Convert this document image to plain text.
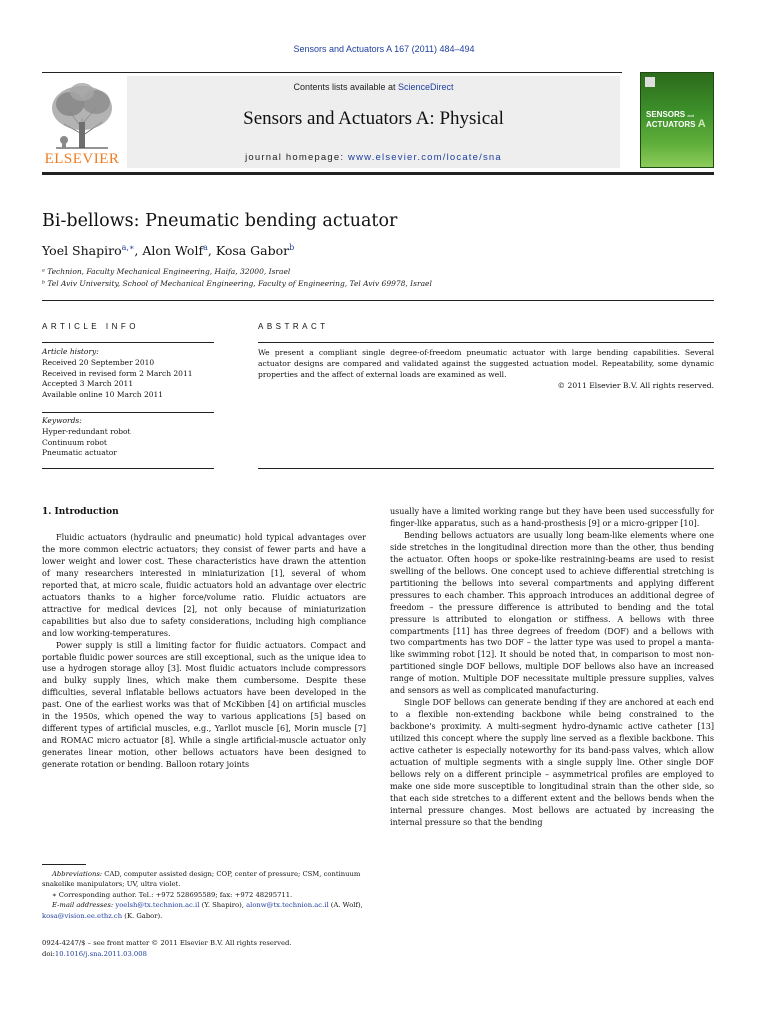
Sensors and Actuators A 167 (2011) 484–494
ELSEVIER
Contents lists available at ScienceDirect
Sensors and Actuators A: Physical
journal homepage: www.elsevier.com/locate/sna
SENSORS and
ACTUATORS A
Bi-bellows: Pneumatic bending actuator
Yoel Shapiro$^{a,∗}$, Alon Wolf$^a$, Kosa Gabor$^b$
ᵃ Technion, Faculty Mechanical Engineering, Haifa, 32000, Israel
ᵇ Tel Aviv University, School of Mechanical Engineering, Faculty of Engineering, Tel Aviv 69978, Israel
ARTICLE INFO	ABSTRACT
Article history:
Received 20 September 2010
Received in revised form 2 March 2011
Accepted 3 March 2011
Available online 10 March 2011
Keywords:
Hyper-redundant robot
Continuum robot
Pneumatic actuator
We present a compliant single degree-of-freedom pneumatic actuator with large bending capabilities. Several actuator designs are compared and validated against the suggested actuation model. Repeatability, some dynamic properties and the affect of external loads are examined as well.
© 2011 Elsevier B.V. All rights reserved.
1. Introduction

Fluidic actuators (hydraulic and pneumatic) hold typical advantages over the more common electric actuators; they consist of fewer parts and have a lower weight and lower cost. These characteristics have drawn the attention of many researchers interested in miniaturization [1], several of whom reported that, at micro scale, fluidic actuators hold an advantage over electric actuators thanks to a higher force/volume ratio. Fluidic actuators are attractive for medical devices [2], not only because of miniaturization capabilities but also due to safety considerations, including high compliance and low working-temperatures.

Power supply is still a limiting factor for fluidic actuators. Compact and portable fluidic power sources are still exceptional, such as the unique idea to use a hydrogen storage alloy [3]. Most fluidic actuators include compressors and bulky supply lines, which make them cumbersome. Despite these difficulties, several inflatable bellows actuators have been developed in the past. One of the earliest works was that of McKibben [4] on artificial muscles in the 1950s, which opened the way to various applications [5] based on different types of artificial muscles, e.g., Yarllot muscle [6], Morin muscle [7] and ROMAC micro actuator [8]. While a single artificial-muscle actuator only generates linear motion, other bellows actuators have been designed to generate rotation or bending. Balloon rotary joints

usually have a limited working range but they have been used successfully for finger-like apparatus, such as a hand-prosthesis [9] or a micro-gripper [10].

Bending bellows actuators are usually long beam-like elements where one side stretches in the longitudinal direction more than the other, thus bending the actuator. Often hoops or spoke-like restraining-beams are used to resist swelling of the bellows. One concept used to achieve differential stretching is partitioning the bellows into several compartments and applying different pressures to each chamber. This approach introduces an additional degree of freedom – the pressure difference is attributed to bending and the total pressure is attributed to elongation or stiffness. A bellows with three compartments [11] has three degrees of freedom (DOF) and a bellows with two compartments has two DOF – the latter type was used to propel a manta-like swimming robot [12]. It should be noted that, in comparison to most non-partitioned single DOF bellows, multiple DOF bellows also have an increased range of motion. Multiple DOF necessitate multiple pressure supplies, valves and sensors as well as complicated manufacturing.

Single DOF bellows can generate bending if they are anchored at each end to a flexible non-extending backbone while being constrained to the backbone's proximity. A multi-segment hydro-dynamic active catheter [13] utilized this concept where the supply line served as a flexible backbone. This active catheter is especially noteworthy for its band-pass valves, which allow actuation of multiple segments with a single supply line. Other single DOF bellows rely on a different principle – asymmetrical profiles are employed to make one side more susceptible to longitudinal strain than the other side, so that each side stretches to a different extent and the bellows bends when the internal pressure changes. Most bellows are actuated by increasing the internal pressure so that the bending

Abbreviations: CAD, computer assisted design; COP, center of pressure; CSM, continuum snakelike manipulators; UV, ultra violet.

∗ Corresponding author. Tel.: +972 528695589; fax: +972 48295711.

E-mail addresses: yoelsh@tx.technion.ac.il (Y. Shapiro), alonw@tx.technion.ac.il (A. Wolf), kosa@vision.ee.ethz.ch (K. Gabor).

0924-4247/$ – see front matter © 2011 Elsevier B.V. All rights reserved.
doi:10.1016/j.sna.2011.03.008
